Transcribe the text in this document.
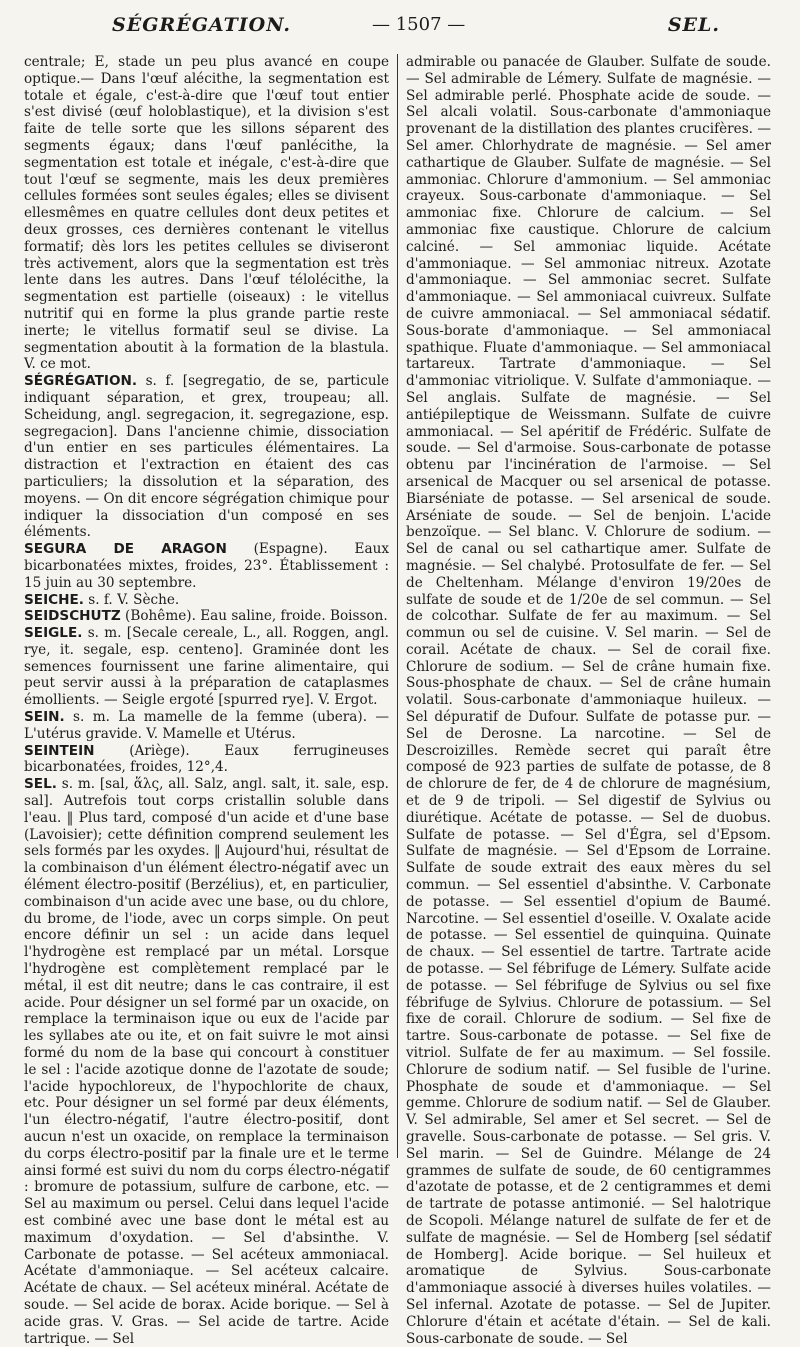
SÉGRÉGATION.	— 1507 —	SEL.

centrale; E, stade un peu plus avancé en coupe optique.— Dans l'œuf alécithe, la segmentation est totale et égale, c'est-à-dire que l'œuf tout entier s'est divisé (œuf holoblastique), et la division s'est faite de telle sorte que les sillons séparent des segments égaux; dans l'œuf panlécithe, la segmentation est totale et inégale, c'est-à-dire que tout l'œuf se segmente, mais les deux premières cellules formées sont seules égales; elles se divisent ellesmêmes en quatre cellules dont deux petites et deux grosses, ces dernières contenant le vitellus formatif; dès lors les petites cellules se diviseront très activement, alors que la segmentation est très lente dans les autres. Dans l'œuf télolécithe, la segmentation est partielle (oiseaux) : le vitellus nutritif qui en forme la plus grande partie reste inerte; le vitellus formatif seul se divise. La segmentation aboutit à la formation de la blastula. V. ce mot.

SÉGRÉGATION. s. f. [segregatio, de se, particule indiquant séparation, et grex, troupeau; all. Scheidung, angl. segregacion, it. segregazione, esp. segregacion]. Dans l'ancienne chimie, dissociation d'un entier en ses particules élémentaires. La distraction et l'extraction en étaient des cas particuliers; la dissolution et la séparation, des moyens. — On dit encore ségrégation chimique pour indiquer la dissociation d'un composé en ses éléments.

SEGURA DE ARAGON (Espagne). Eaux bicarbonatées mixtes, froides, 23°. Établissement : 15 juin au 30 septembre.

SEICHE. s. f. V. Sèche.

SEIDSCHUTZ (Bohême). Eau saline, froide. Boisson.

SEIGLE. s. m. [Secale cereale, L., all. Roggen, angl. rye, it. segale, esp. centeno]. Graminée dont les semences fournissent une farine alimentaire, qui peut servir aussi à la préparation de cataplasmes émollients. — Seigle ergoté [spurred rye]. V. Ergot.

SEIN. s. m. La mamelle de la femme (ubera). — L'utérus gravide. V. Mamelle et Utérus.

SEINTEIN (Ariège). Eaux ferrugineuses bicarbonatées, froides, 12°,4.

SEL. s. m. [sal, ἅλς, all. Salz, angl. salt, it. sale, esp. sal]. Autrefois tout corps cristallin soluble dans l'eau. ‖ Plus tard, composé d'un acide et d'une base (Lavoisier); cette définition comprend seulement les sels formés par les oxydes. ‖ Aujourd'hui, résultat de la combinaison d'un élément électro-négatif avec un élément électro-positif (Berzélius), et, en particulier, combinaison d'un acide avec une base, ou du chlore, du brome, de l'iode, avec un corps simple. On peut encore définir un sel : un acide dans lequel l'hydrogène est remplacé par un métal. Lorsque l'hydrogène est complètement remplacé par le métal, il est dit neutre; dans le cas contraire, il est acide. Pour désigner un sel formé par un oxacide, on remplace la terminaison ique ou eux de l'acide par les syllabes ate ou ite, et on fait suivre le mot ainsi formé du nom de la base qui concourt à constituer le sel : l'acide azotique donne de l'azotate de soude; l'acide hypochloreux, de l'hypochlorite de chaux, etc. Pour désigner un sel formé par deux éléments, l'un électro-négatif, l'autre électro-positif, dont aucun n'est un oxacide, on remplace la terminaison du corps électro-positif par la finale ure et le terme ainsi formé est suivi du nom du corps électro-négatif : bromure de potassium, sulfure de carbone, etc. — Sel au maximum ou persel. Celui dans lequel l'acide est combiné avec une base dont le métal est au maximum d'oxydation. — Sel d'absinthe. V. Carbonate de potasse. — Sel acéteux ammoniacal. Acétate d'ammoniaque. — Sel acéteux calcaire. Acétate de chaux. — Sel acéteux minéral. Acétate de soude. — Sel acide de borax. Acide borique. — Sel à acide gras. V. Gras. — Sel acide de tartre. Acide tartrique. — Sel

admirable ou panacée de Glauber. Sulfate de soude. — Sel admirable de Lémery. Sulfate de magnésie. — Sel admirable perlé. Phosphate acide de soude. — Sel alcali volatil. Sous-carbonate d'ammoniaque provenant de la distillation des plantes crucifères. — Sel amer. Chlorhydrate de magnésie. — Sel amer cathartique de Glauber. Sulfate de magnésie. — Sel ammoniac. Chlorure d'ammonium. — Sel ammoniac crayeux. Sous-carbonate d'ammoniaque. — Sel ammoniac fixe. Chlorure de calcium. — Sel ammoniac fixe caustique. Chlorure de calcium calciné. — Sel ammoniac liquide. Acétate d'ammoniaque. — Sel ammoniac nitreux. Azotate d'ammoniaque. — Sel ammoniac secret. Sulfate d'ammoniaque. — Sel ammoniacal cuivreux. Sulfate de cuivre ammoniacal. — Sel ammoniacal sédatif. Sous-borate d'ammoniaque. — Sel ammoniacal spathique. Fluate d'ammoniaque. — Sel ammoniacal tartareux. Tartrate d'ammoniaque. — Sel d'ammoniac vitriolique. V. Sulfate d'ammoniaque. — Sel anglais. Sulfate de magnésie. — Sel antiépileptique de Weissmann. Sulfate de cuivre ammoniacal. — Sel apéritif de Frédéric. Sulfate de soude. — Sel d'armoise. Sous-carbonate de potasse obtenu par l'incinération de l'armoise. — Sel arsenical de Macquer ou sel arsenical de potasse. Biarséniate de potasse. — Sel arsenical de soude. Arséniate de soude. — Sel de benjoin. L'acide benzoïque. — Sel blanc. V. Chlorure de sodium. — Sel de canal ou sel cathartique amer. Sulfate de magnésie. — Sel chalybé. Protosulfate de fer. — Sel de Cheltenham. Mélange d'environ 19/20es de sulfate de soude et de 1/20e de sel commun. — Sel de colcothar. Sulfate de fer au maximum. — Sel commun ou sel de cuisine. V. Sel marin. — Sel de corail. Acétate de chaux. — Sel de corail fixe. Chlorure de sodium. — Sel de crâne humain fixe. Sous-phosphate de chaux. — Sel de crâne humain volatil. Sous-carbonate d'ammoniaque huileux. — Sel dépuratif de Dufour. Sulfate de potasse pur. — Sel de Derosne. La narcotine. — Sel de Descroizilles. Remède secret qui paraît être composé de 923 parties de sulfate de potasse, de 8 de chlorure de fer, de 4 de chlorure de magnésium, et de 9 de tripoli. — Sel digestif de Sylvius ou diurétique. Acétate de potasse. — Sel de duobus. Sulfate de potasse. — Sel d'Égra, sel d'Epsom. Sulfate de magnésie. — Sel d'Epsom de Lorraine. Sulfate de soude extrait des eaux mères du sel commun. — Sel essentiel d'absinthe. V. Carbonate de potasse. — Sel essentiel d'opium de Baumé. Narcotine. — Sel essentiel d'oseille. V. Oxalate acide de potasse. — Sel essentiel de quinquina. Quinate de chaux. — Sel essentiel de tartre. Tartrate acide de potasse. — Sel fébrifuge de Lémery. Sulfate acide de potasse. — Sel fébrifuge de Sylvius ou sel fixe fébrifuge de Sylvius. Chlorure de potassium. — Sel fixe de corail. Chlorure de sodium. — Sel fixe de tartre. Sous-carbonate de potasse. — Sel fixe de vitriol. Sulfate de fer au maximum. — Sel fossile. Chlorure de sodium natif. — Sel fusible de l'urine. Phosphate de soude et d'ammoniaque. — Sel gemme. Chlorure de sodium natif. — Sel de Glauber. V. Sel admirable, Sel amer et Sel secret. — Sel de gravelle. Sous-carbonate de potasse. — Sel gris. V. Sel marin. — Sel de Guindre. Mélange de 24 grammes de sulfate de soude, de 60 centigrammes d'azotate de potasse, et de 2 centigrammes et demi de tartrate de potasse antimonié. — Sel halotrique de Scopoli. Mélange naturel de sulfate de fer et de sulfate de magnésie. — Sel de Homberg [sel sédatif de Homberg]. Acide borique. — Sel huileux et aromatique de Sylvius. Sous-carbonate d'ammoniaque associé à diverses huiles volatiles. — Sel infernal. Azotate de potasse. — Sel de Jupiter. Chlorure d'étain et acétate d'étain. — Sel de kali. Sous-carbonate de soude. — Sel
